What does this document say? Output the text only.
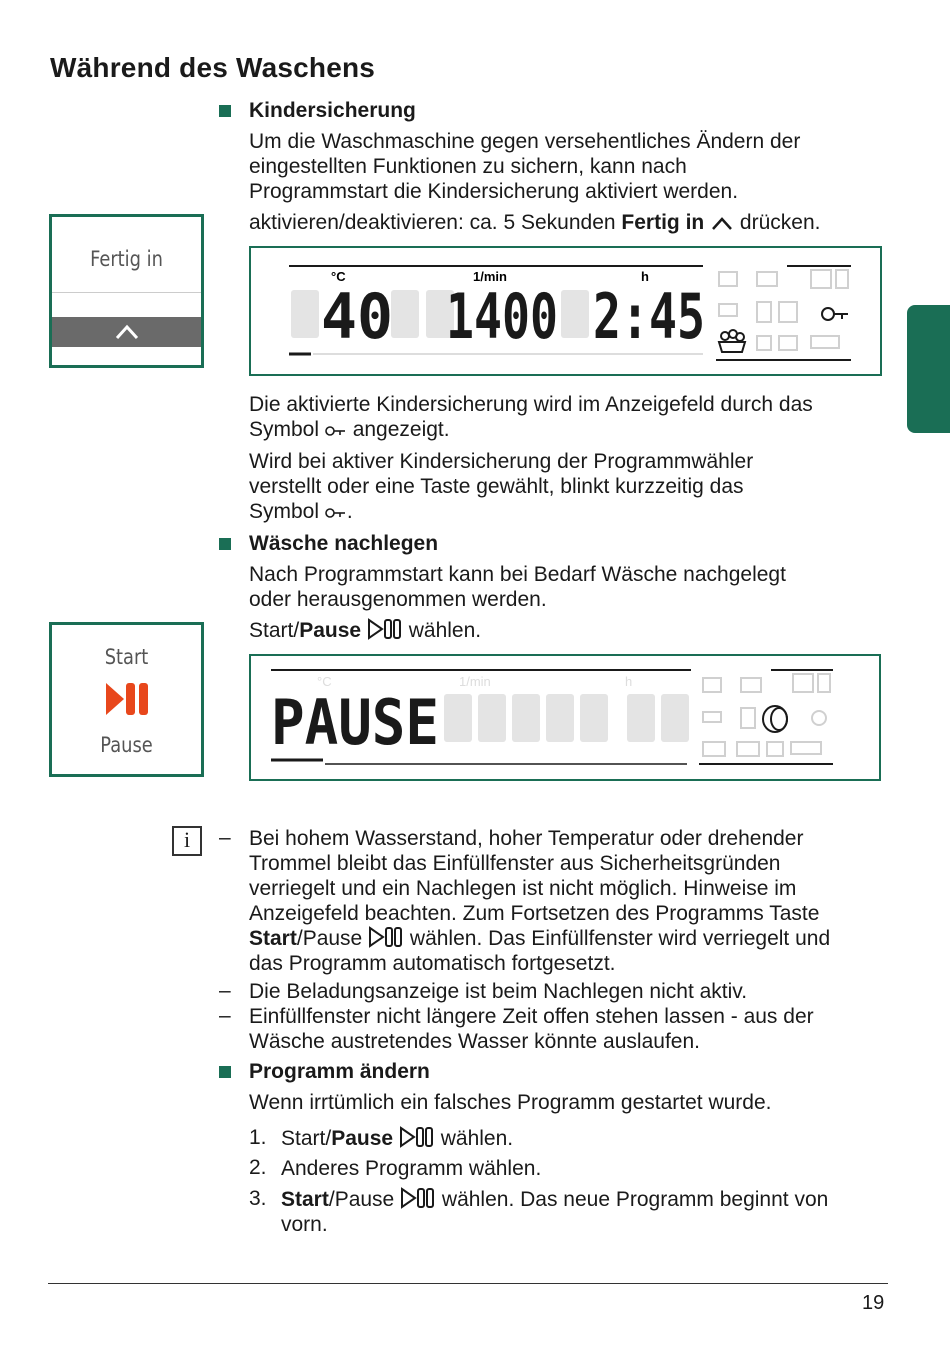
Während des Waschens
Kindersicherung
Um die Waschmaschine gegen versehentliches Ändern der
eingestellten Funktionen zu sichern, kann nach
Programmstart die Kindersicherung aktiviert werden.
aktivieren/deaktivieren: ca. 5 Sekunden Fertig in  drücken.
Fertig in
°C	1/min	h
40 1400 2:45
Die aktivierte Kindersicherung wird im Anzeigefeld durch das
Symbol  angezeigt.
Wird bei aktiver Kindersicherung der Programmwähler
verstellt oder eine Taste gewählt, blinkt kurzzeitig das
Symbol .
Wäsche nachlegen
Nach Programmstart kann bei Bedarf Wäsche nachgelegt
oder herausgenommen werden.
Start/Pause  wählen.
Start
Pause
°C	1/min	h
PAUSE
i	– Bei hohem Wasserstand, hoher Temperatur oder drehender
Trommel bleibt das Einfüllfenster aus Sicherheitsgründen
verriegelt und ein Nachlegen ist nicht möglich. Hinweise im
Anzeigefeld beachten. Zum Fortsetzen des Programms Taste
Start/Pause  wählen. Das Einfüllfenster wird verriegelt und
das Programm automatisch fortgesetzt.
– Die Beladungsanzeige ist beim Nachlegen nicht aktiv.
– Einfüllfenster nicht längere Zeit offen stehen lassen - aus der
Wäsche austretendes Wasser könnte auslaufen.
Programm ändern
Wenn irrtümlich ein falsches Programm gestartet wurde.
1. Start/Pause  wählen.
2. Anderes Programm wählen.
3. Start/Pause  wählen. Das neue Programm beginnt von
vorn.
19
